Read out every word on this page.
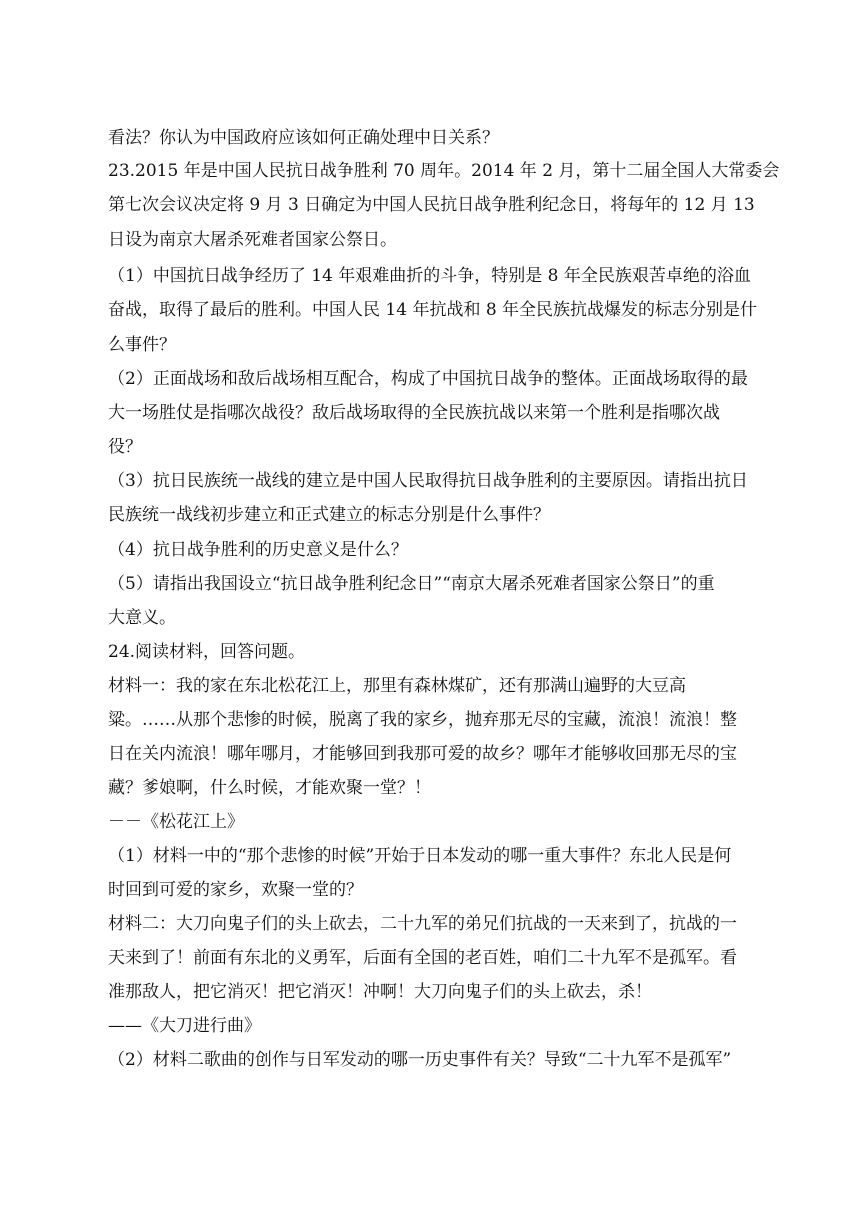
看法？你认为中国政府应该如何正确处理中日关系？
23.2015 年是中国人民抗日战争胜利 70 周年。2014 年 2 月，第十二届全国人大常委会
第七次会议决定将 9 月 3 日确定为中国人民抗日战争胜利纪念日，将每年的 12 月 13
日设为南京大屠杀死难者国家公祭日。
（1）中国抗日战争经历了 14 年艰难曲折的斗争，特别是 8 年全民族艰苦卓绝的浴血
奋战，取得了最后的胜利。中国人民 14 年抗战和 8 年全民族抗战爆发的标志分别是什
么事件？
（2）正面战场和敌后战场相互配合，构成了中国抗日战争的整体。正面战场取得的最
大一场胜仗是指哪次战役？敌后战场取得的全民族抗战以来第一个胜利是指哪次战
役？
（3）抗日民族统一战线的建立是中国人民取得抗日战争胜利的主要原因。请指出抗日
民族统一战线初步建立和正式建立的标志分别是什么事件？
（4）抗日战争胜利的历史意义是什么？
（5）请指出我国设立“抗日战争胜利纪念日”“南京大屠杀死难者国家公祭日”的重
大意义。
24.阅读材料，回答问题。
材料一：我的家在东北松花江上，那里有森林煤矿，还有那满山遍野的大豆高
粱。……从那个悲惨的时候，脱离了我的家乡，抛弃那无尽的宝藏，流浪！流浪！整
日在关内流浪！哪年哪月，才能够回到我那可爱的故乡？哪年才能够收回那无尽的宝
藏？爹娘啊，什么时候，才能欢聚一堂？！
－－《松花江上》
（1）材料一中的“那个悲惨的时候”开始于日本发动的哪一重大事件？东北人民是何
时回到可爱的家乡，欢聚一堂的？
材料二：大刀向鬼子们的头上砍去，二十九军的弟兄们抗战的一天来到了，抗战的一
天来到了！前面有东北的义勇军，后面有全国的老百姓，咱们二十九军不是孤军。看
准那敌人，把它消灭！把它消灭！冲啊！大刀向鬼子们的头上砍去，杀！
——《大刀进行曲》
（2）材料二歌曲的创作与日军发动的哪一历史事件有关？导致“二十九军不是孤军”
